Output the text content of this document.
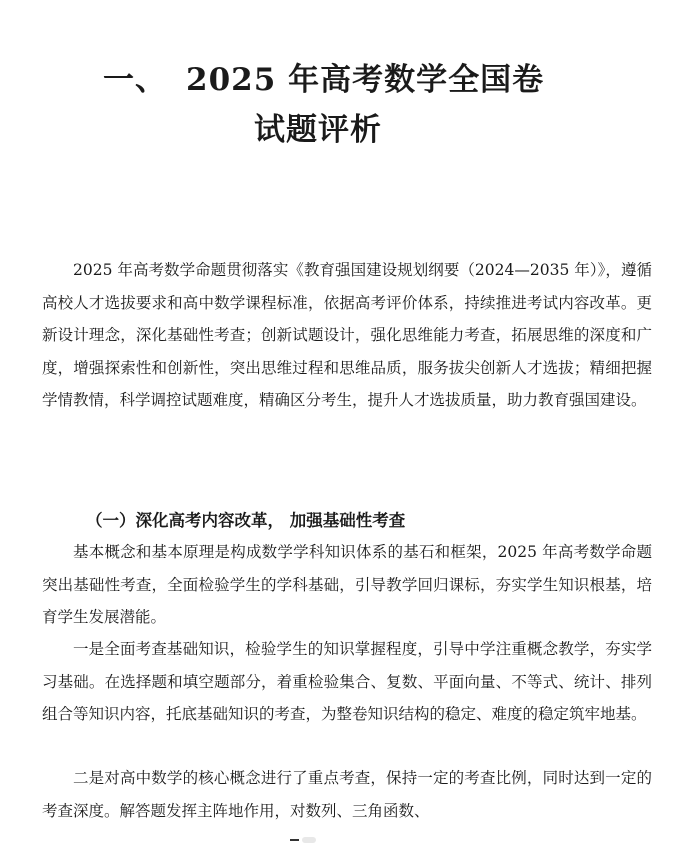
一、 2025 年高考数学全国卷
试题评析

2025 年高考数学命题贯彻落实《教育强国建设规划纲要（2024—2035 年）》，遵循高校人才选拔要求和高中数学课程标准，依据高考评价体系，持续推进考试内容改革。更新设计理念，深化基础性考查；创新试题设计，强化思维能力考查，拓展思维的深度和广度，增强探索性和创新性，突出思维过程和思维品质，服务拔尖创新人才选拔；精细把握学情教情，科学调控试题难度，精确区分考生，提升人才选拔质量，助力教育强国建设。

（一）深化高考内容改革， 加强基础性考查

基本概念和基本原理是构成数学学科知识体系的基石和框架，2025 年高考数学命题突出基础性考查，全面检验学生的学科基础，引导教学回归课标，夯实学生知识根基，培育学生发展潜能。

一是全面考查基础知识，检验学生的知识掌握程度，引导中学注重概念教学，夯实学习基础。在选择题和填空题部分，着重检验集合、复数、平面向量、不等式、统计、排列组合等知识内容，托底基础知识的考查，为整卷知识结构的稳定、难度的稳定筑牢地基。

二是对高中数学的核心概念进行了重点考查，保持一定的考查比例，同时达到一定的考查深度。解答题发挥主阵地作用，对数列、三角函数、
